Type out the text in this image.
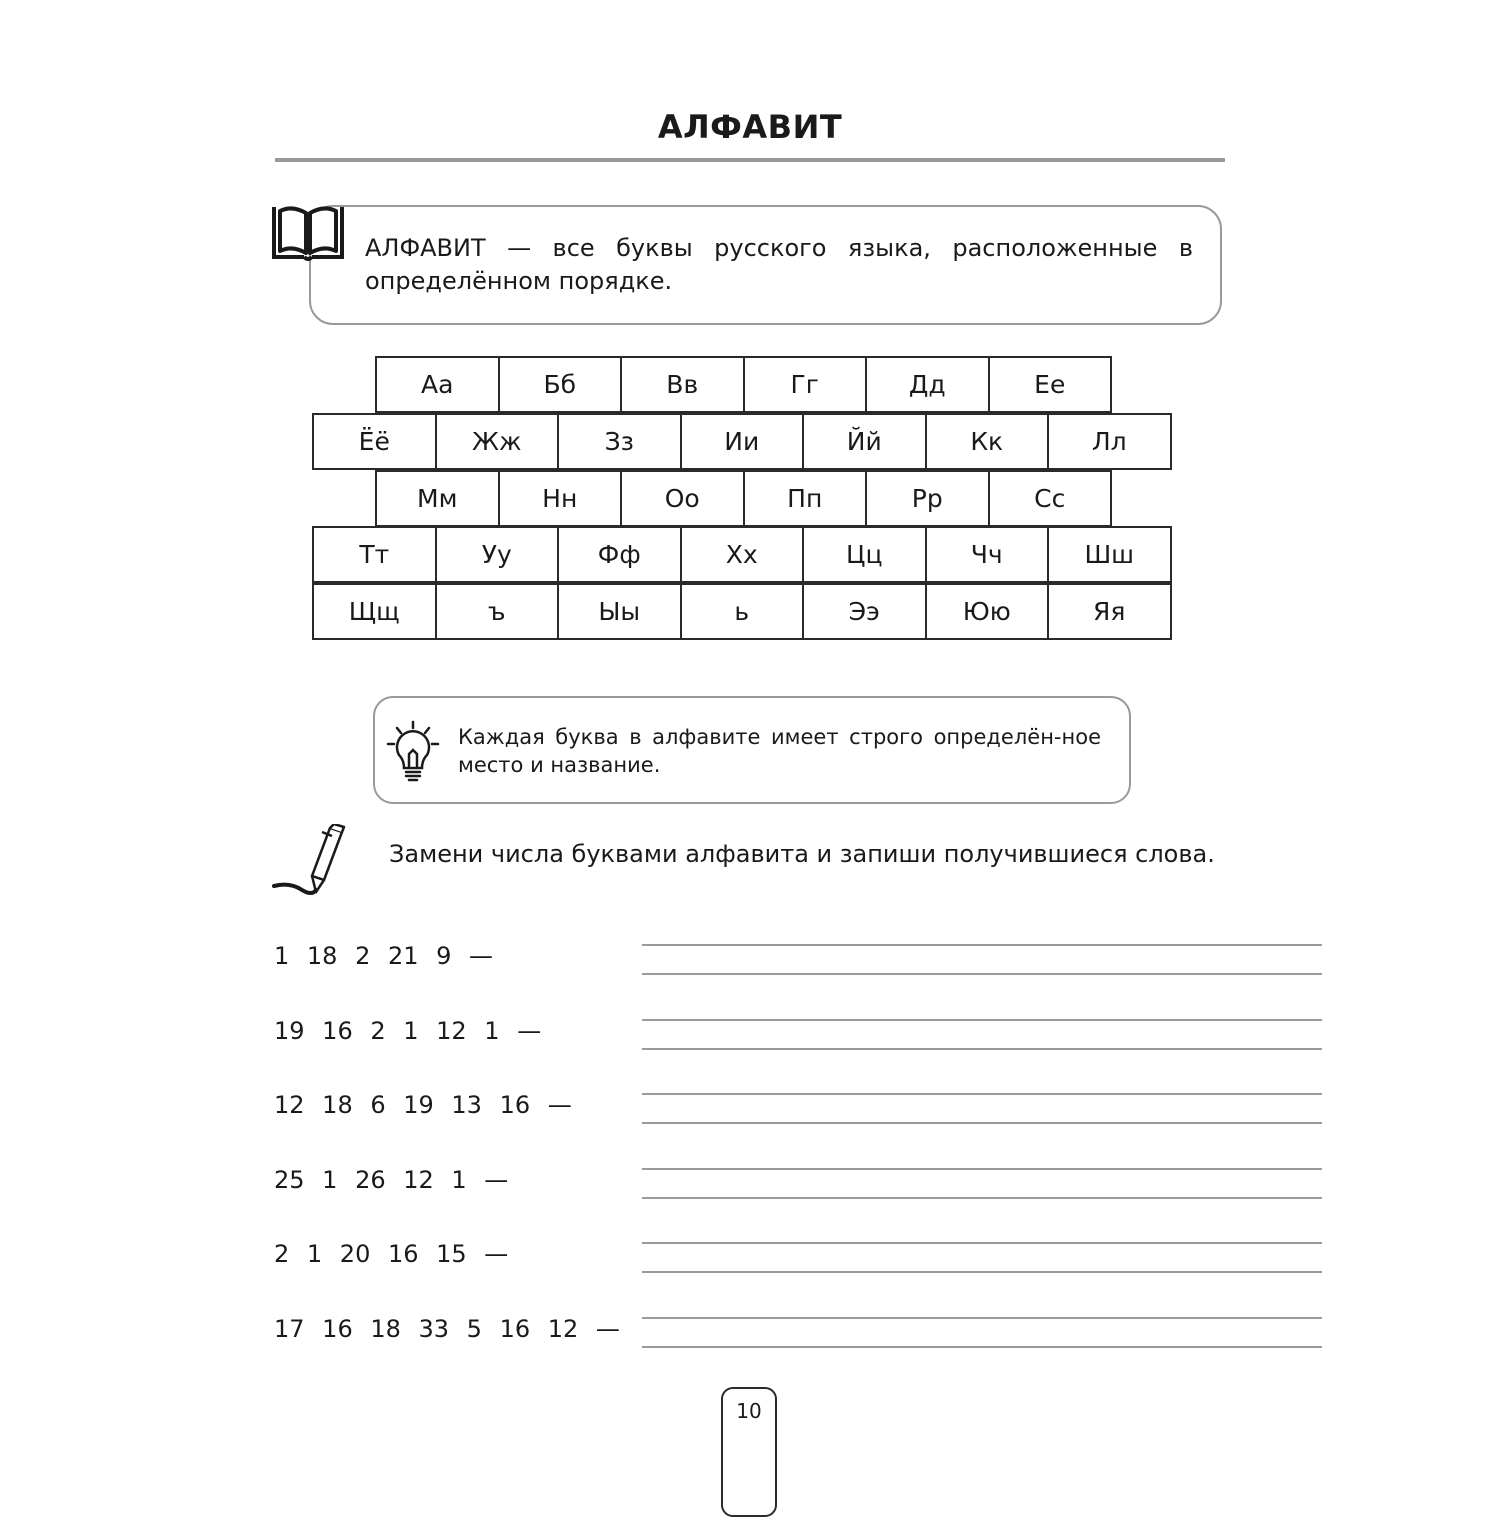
АЛФАВИТ
АЛФАВИТ — все буквы русского языка, расположенные в определённом порядке.
Аа	Бб	Вв	Гг	Дд	Ее
Ёё	Жж	Зз	Ии	Йй	Кк	Лл
Мм	Нн	Оо	Пп	Рр	Сс
Тт	Уу	Фф	Хх	Цц	Чч	Шш
Щщ	ъ	Ыы	ь	Ээ	Юю	Яя
Каждая буква в алфавите имеет строго определён-ное место и название.
Замени числа буквами алфавита и запиши получившиеся слова.
1 18 2 21 9 —
19 16 2 1 12 1 —
12 18 6 19 13 16 —
25 1 26 12 1 —
2 1 20 16 15 —
17 16 18 33 5 16 12 —
10
